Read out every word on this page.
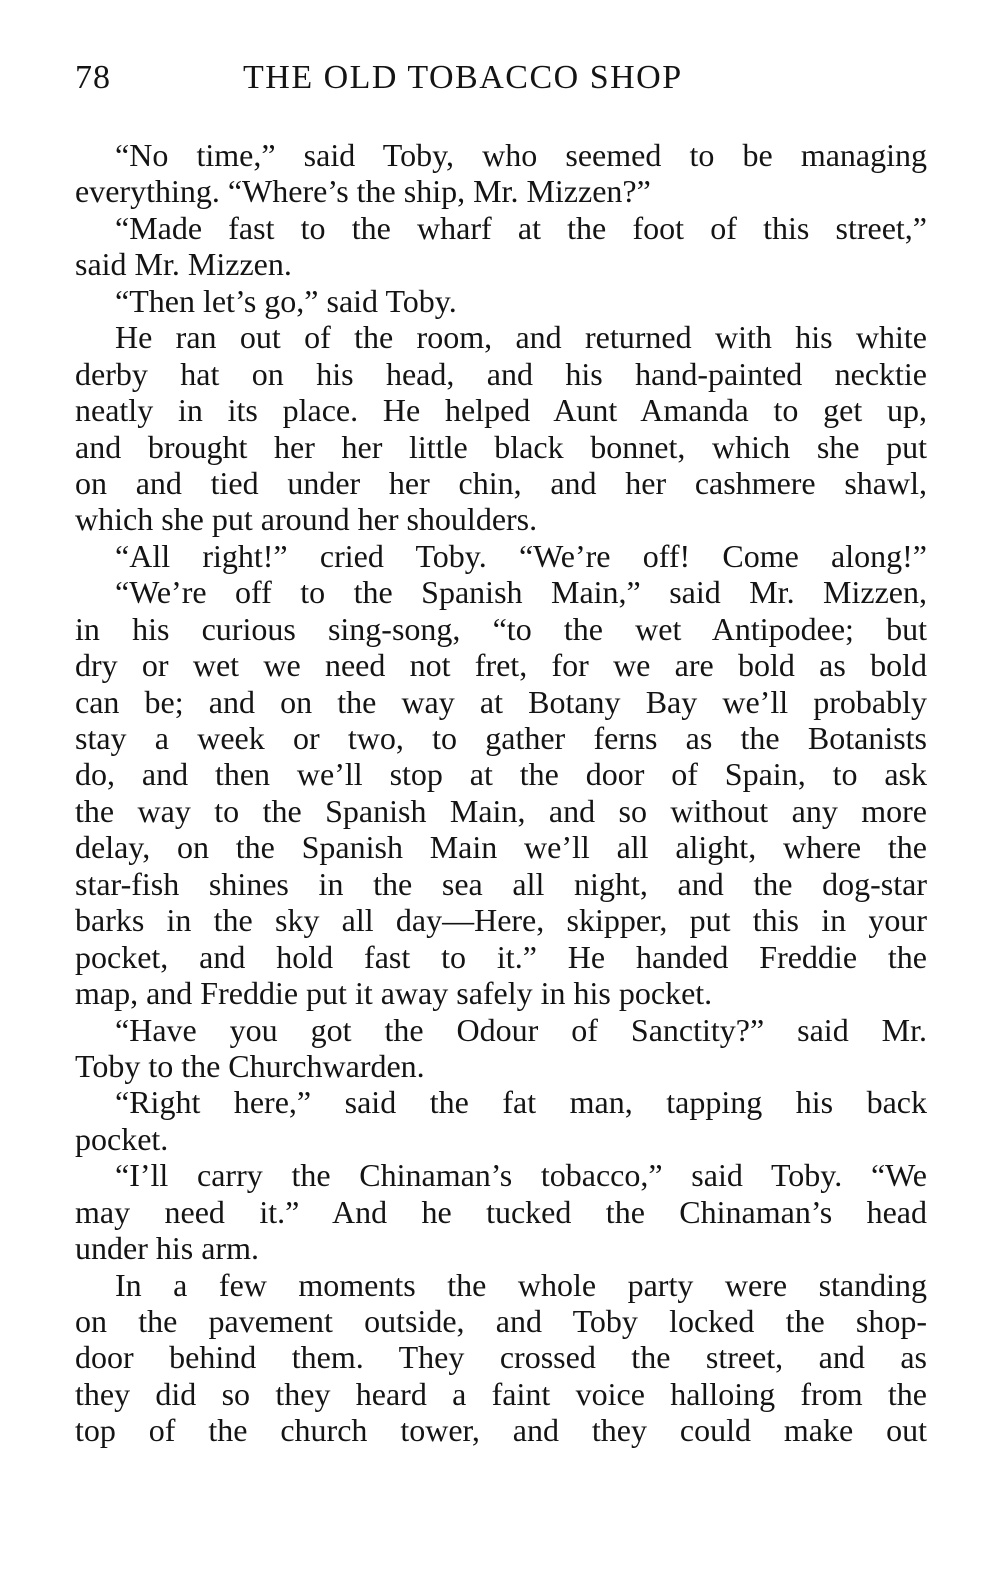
78	THE OLD TOBACCO SHOP
“No time,” said Toby, who seemed to be managing
everything. “Where’s the ship, Mr. Mizzen?”
“Made fast to the wharf at the foot of this street,”
said Mr. Mizzen.
“Then let’s go,” said Toby.
He ran out of the room, and returned with his white
derby hat on his head, and his hand-painted necktie
neatly in its place. He helped Aunt Amanda to get up,
and brought her her little black bonnet, which she put
on and tied under her chin, and her cashmere shawl,
which she put around her shoulders.
“All right!” cried Toby. “We’re off! Come along!”
“We’re off to the Spanish Main,” said Mr. Mizzen,
in his curious sing-song, “to the wet Antipodee; but
dry or wet we need not fret, for we are bold as bold
can be; and on the way at Botany Bay we’ll probably
stay a week or two, to gather ferns as the Botanists
do, and then we’ll stop at the door of Spain, to ask
the way to the Spanish Main, and so without any more
delay, on the Spanish Main we’ll all alight, where the
star-fish shines in the sea all night, and the dog-star
barks in the sky all day—Here, skipper, put this in your
pocket, and hold fast to it.” He handed Freddie the
map, and Freddie put it away safely in his pocket.
“Have you got the Odour of Sanctity?” said Mr.
Toby to the Churchwarden.
“Right here,” said the fat man, tapping his back
pocket.
“I’ll carry the Chinaman’s tobacco,” said Toby. “We
may need it.” And he tucked the Chinaman’s head
under his arm.
In a few moments the whole party were standing
on the pavement outside, and Toby locked the shop-
door behind them. They crossed the street, and as
they did so they heard a faint voice halloing from the
top of the church tower, and they could make out
